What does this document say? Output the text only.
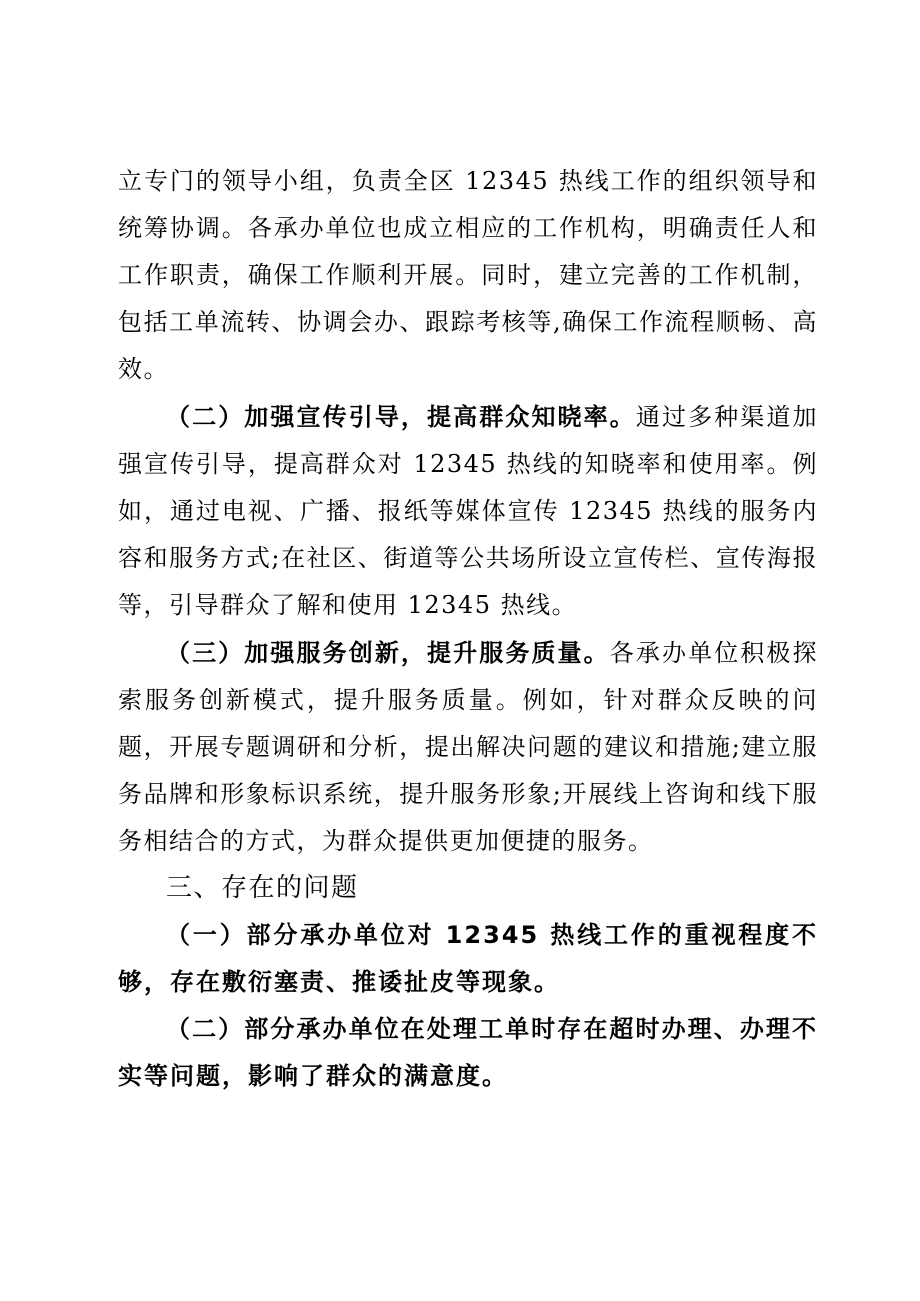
立专门的领导小组，负责全区 12345 热线工作的组织领导和统筹协调。各承办单位也成立相应的工作机构，明确责任人和工作职责，确保工作顺利开展。同时，建立完善的工作机制，包括工单流转、协调会办、跟踪考核等,确保工作流程顺畅、高效。

（二）加强宣传引导，提高群众知晓率。通过多种渠道加强宣传引导，提高群众对 12345 热线的知晓率和使用率。例如，通过电视、广播、报纸等媒体宣传 12345 热线的服务内容和服务方式;在社区、街道等公共场所设立宣传栏、宣传海报等，引导群众了解和使用 12345 热线。

（三）加强服务创新，提升服务质量。各承办单位积极探索服务创新模式，提升服务质量。例如，针对群众反映的问题，开展专题调研和分析，提出解决问题的建议和措施;建立服务品牌和形象标识系统，提升服务形象;开展线上咨询和线下服务相结合的方式，为群众提供更加便捷的服务。

三、存在的问题

（一）部分承办单位对 12345 热线工作的重视程度不够，存在敷衍塞责、推诿扯皮等现象。

（二）部分承办单位在处理工单时存在超时办理、办理不实等问题，影响了群众的满意度。
